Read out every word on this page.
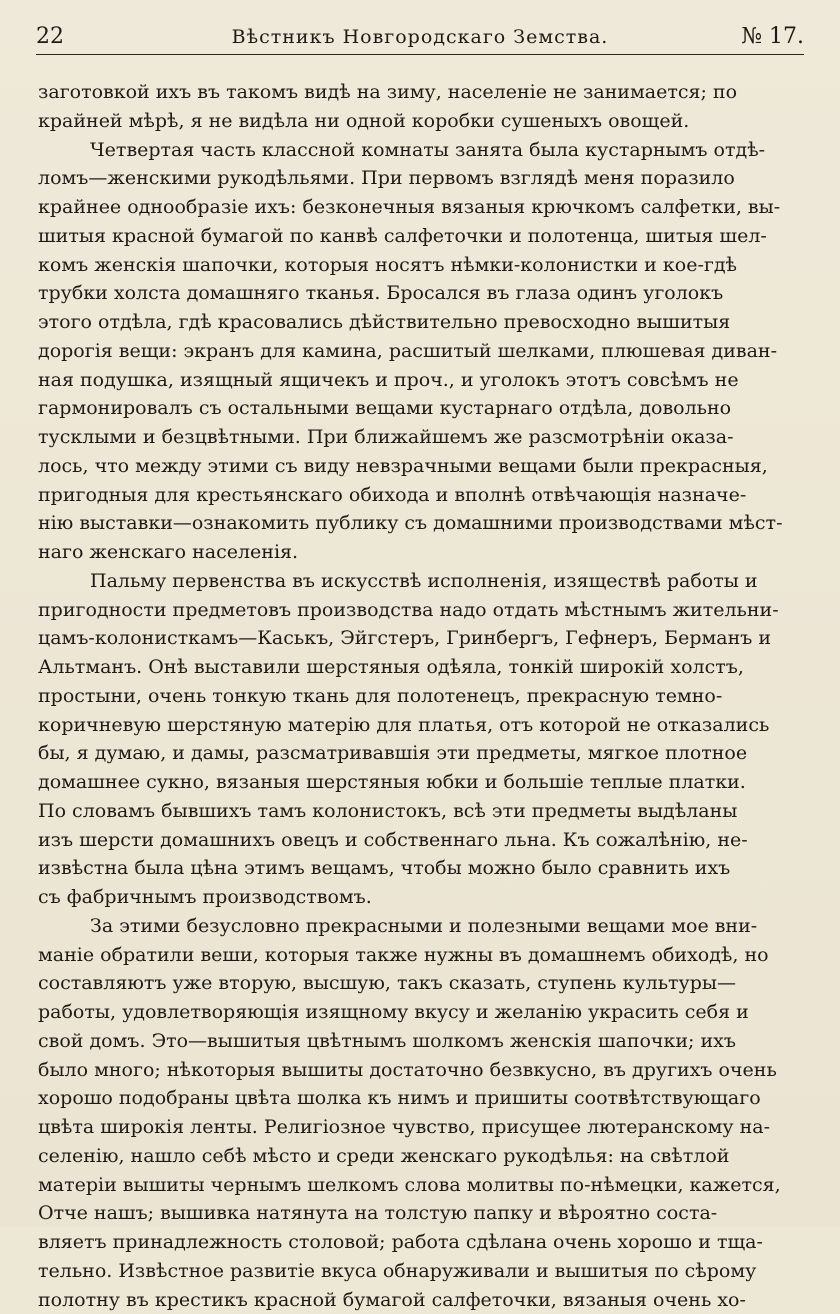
22	Вѣстникъ Новгородскаго Земства.	№ 17.
заготовкой ихъ въ такомъ видѣ на зиму, населеніе не занимается; по
крайней мѣрѣ, я не видѣла ни одной коробки сушеныхъ овощей.
Четвертая часть классной комнаты занята была кустарнымъ отдѣ-
ломъ—женскими рукодѣльями. При первомъ взглядѣ меня поразило
крайнее однообразіе ихъ: безконечныя вязаныя крючкомъ салфетки, вы-
шитыя красной бумагой по канвѣ салфеточки и полотенца, шитыя шел-
комъ женскія шапочки, которыя носятъ нѣмки-колонистки и кое-гдѣ
трубки холста домашняго тканья. Бросался въ глаза одинъ уголокъ
этого отдѣла, гдѣ красовались дѣйствительно превосходно вышитыя
дорогія вещи: экранъ для камина, расшитый шелками, плюшевая диван-
ная подушка, изящный ящичекъ и проч., и уголокъ этотъ совсѣмъ не
гармонировалъ съ остальными вещами кустарнаго отдѣла, довольно
тусклыми и безцвѣтными. При ближайшемъ же разсмотрѣніи оказа-
лось, что между этими съ виду невзрачными вещами были прекрасныя,
пригодныя для крестьянскаго обихода и вполнѣ отвѣчающія назначе-
нію выставки—ознакомить публику съ домашними производствами мѣст-
наго женскаго населенія.
Пальму первенства въ искусствѣ исполненія, изяществѣ работы и
пригодности предметовъ производства надо отдать мѣстнымъ жительни-
цамъ-колонисткамъ—Каськъ, Эйгстеръ, Гринбергъ, Гефнеръ, Берманъ и
Альтманъ. Онѣ выставили шерстяныя одѣяла, тонкій широкій холстъ,
простыни, очень тонкую ткань для полотенецъ, прекрасную темно-
коричневую шерстяную матерію для платья, отъ которой не отказались
бы, я думаю, и дамы, разсматривавшія эти предметы, мягкое плотное
домашнее сукно, вязаныя шерстяныя юбки и большіе теплые платки.
По словамъ бывшихъ тамъ колонистокъ, всѣ эти предметы выдѣланы
изъ шерсти домашнихъ овецъ и собственнаго льна. Къ сожалѣнію, не-
извѣстна была цѣна этимъ вещамъ, чтобы можно было сравнить ихъ
съ фабричнымъ производствомъ.
За этими безусловно прекрасными и полезными вещами мое вни-
маніе обратили веши, которыя также нужны въ домашнемъ обиходѣ, но
составляютъ уже вторую, высшую, такъ сказать, ступень культуры—
работы, удовлетворяющія изящному вкусу и желанію украсить себя и
свой домъ. Это—вышитыя цвѣтнымъ шолкомъ женскія шапочки; ихъ
было много; нѣкоторыя вышиты достаточно безвкусно, въ другихъ очень
хорошо подобраны цвѣта шолка къ нимъ и пришиты соотвѣтствующаго
цвѣта широкія ленты. Религіозное чувство, присущее лютеранскому на-
селенію, нашло себѣ мѣсто и среди женскаго рукодѣлья: на свѣтлой
матеріи вышиты чернымъ шелкомъ слова молитвы по-нѣмецки, кажется,
Отче нашъ; вышивка натянута на толстую папку и вѣроятно соста-
вляетъ принадлежность столовой; работа сдѣлана очень хорошо и тща-
тельно. Извѣстное развитіе вкуса обнаруживали и вышитыя по сѣрому
полотну въ крестикъ красной бумагой салфеточки, вязаныя очень хо-
